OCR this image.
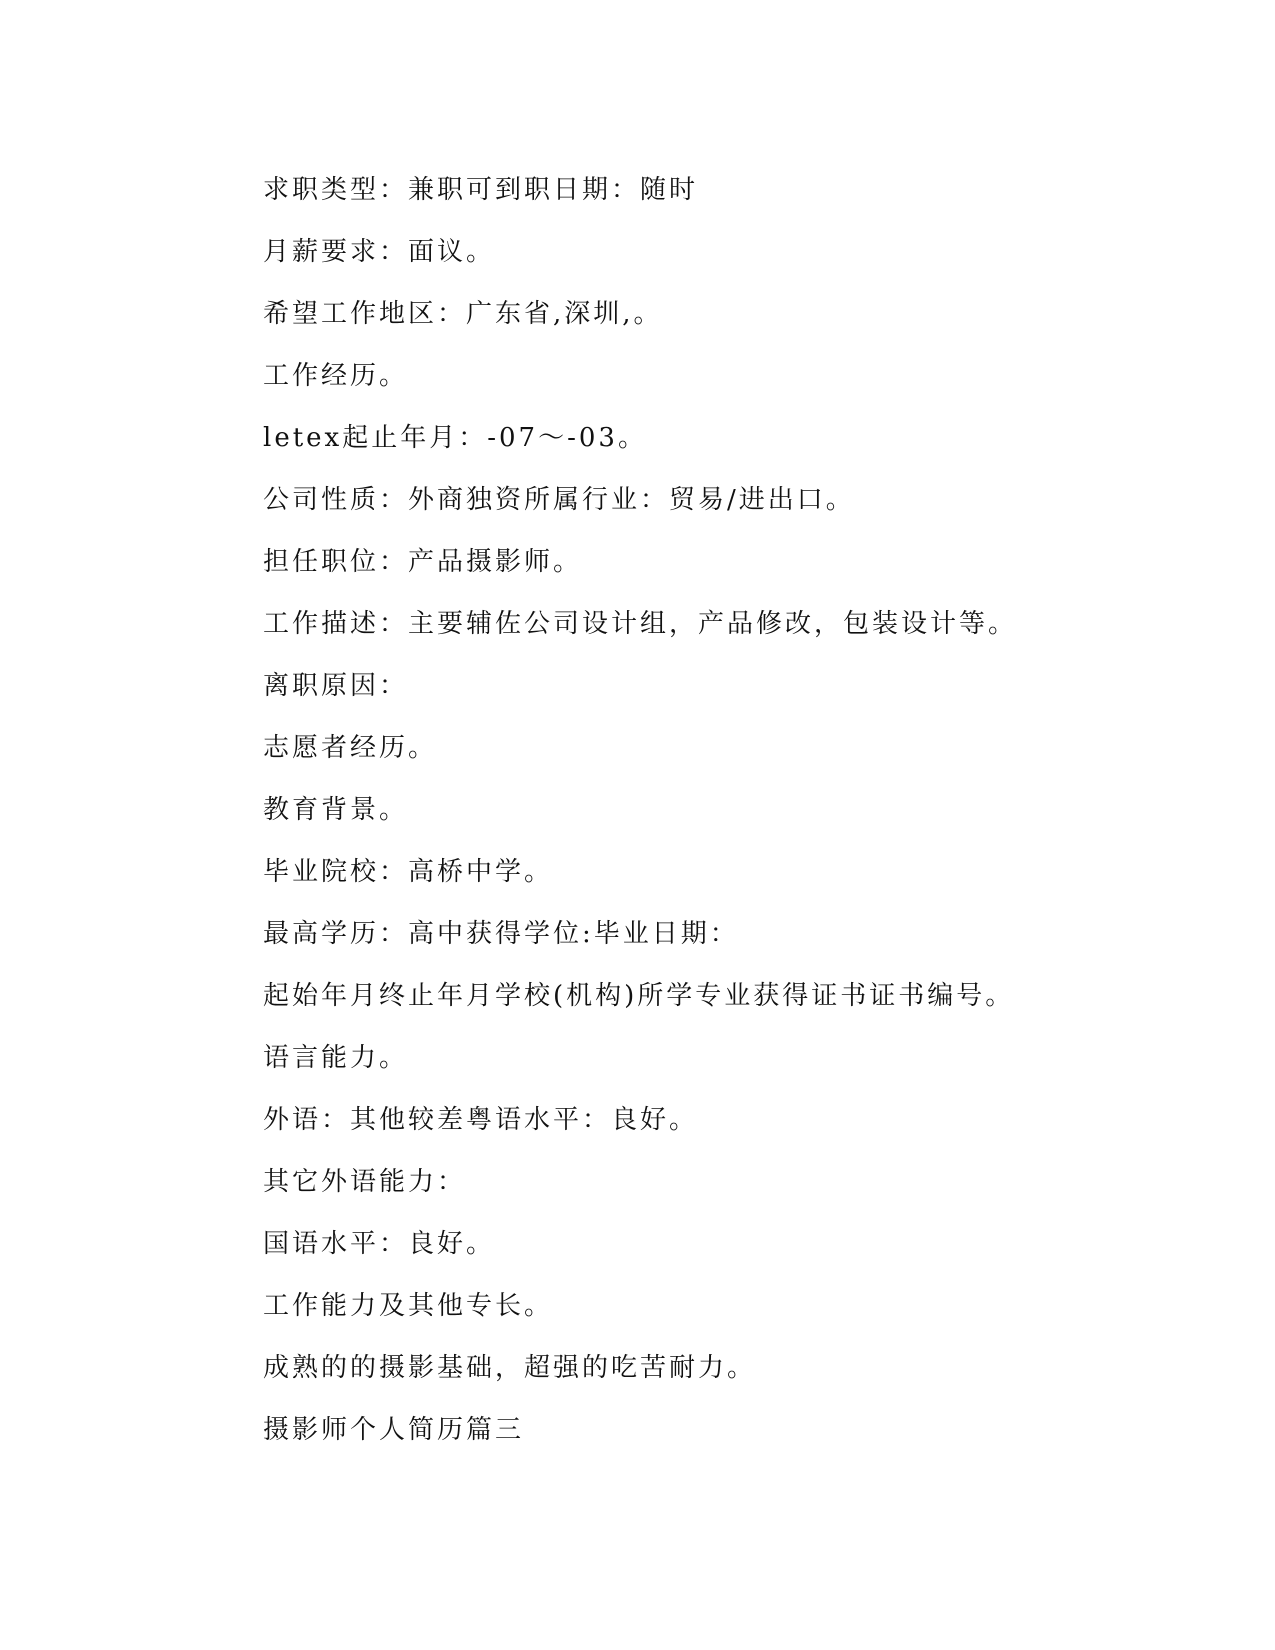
求职类型：兼职可到职日期：随时

月薪要求：面议。

希望工作地区：广东省,深圳,。

工作经历。

letex起止年月：-07～-03。

公司性质：外商独资所属行业：贸易/进出口。

担任职位：产品摄影师。

工作描述：主要辅佐公司设计组，产品修改，包装设计等。

离职原因：

志愿者经历。

教育背景。

毕业院校：高桥中学。

最高学历：高中获得学位:毕业日期：

起始年月终止年月学校(机构)所学专业获得证书证书编号。

语言能力。

外语：其他较差粤语水平：良好。

其它外语能力：

国语水平：良好。

工作能力及其他专长。

成熟的的摄影基础，超强的吃苦耐力。

摄影师个人简历篇三
